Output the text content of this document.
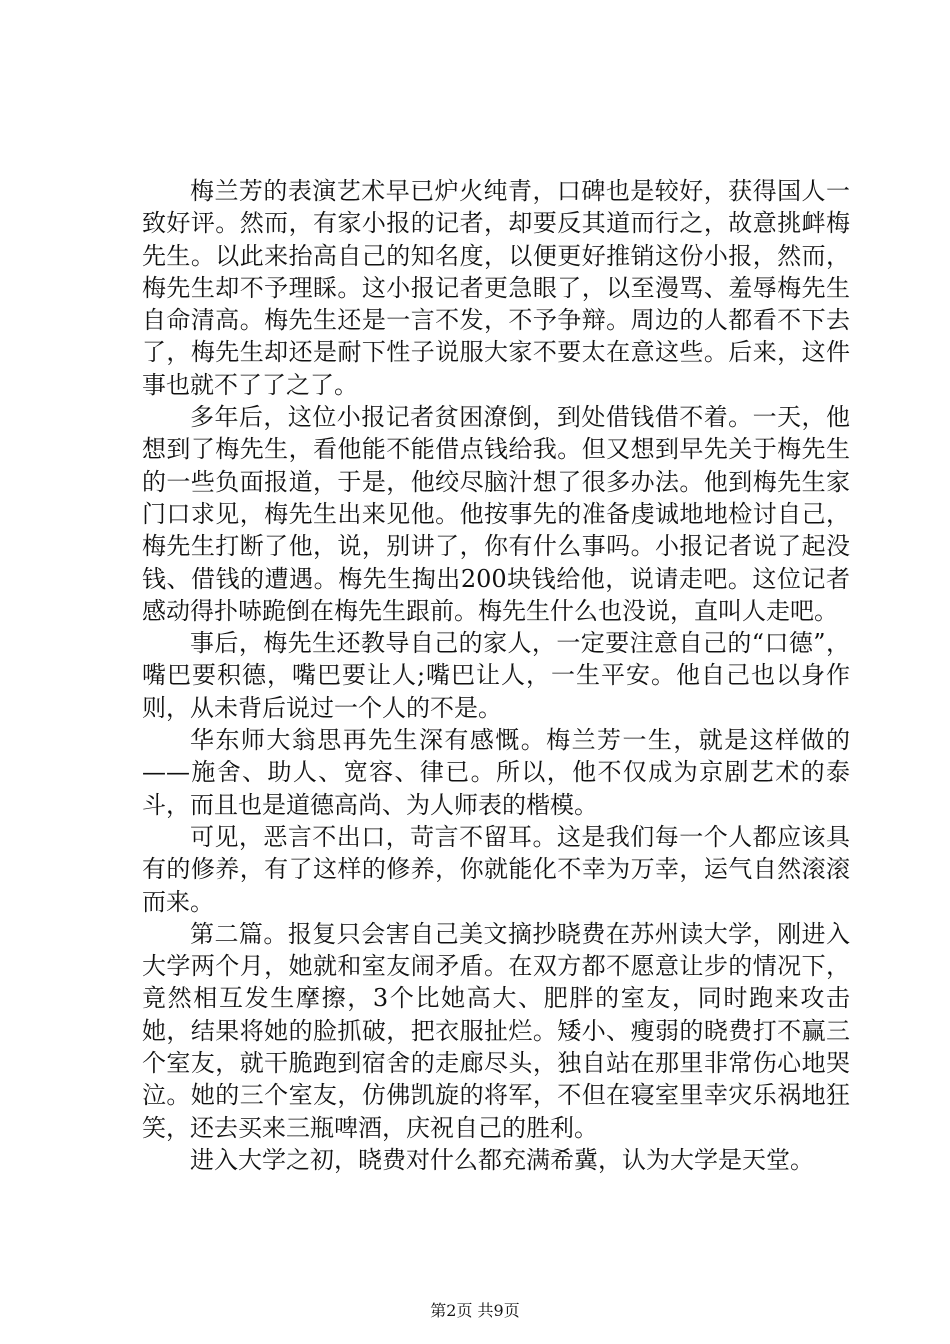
梅兰芳的表演艺术早已炉火纯青，口碑也是较好，获得国人一致好评。然而，有家小报的记者，却要反其道而行之，故意挑衅梅先生。以此来抬高自己的知名度，以便更好推销这份小报，然而，梅先生却不予理睬。这小报记者更急眼了，以至漫骂、羞辱梅先生自命清高。梅先生还是一言不发，不予争辩。周边的人都看不下去了，梅先生却还是耐下性子说服大家不要太在意这些。后来，这件事也就不了了之了。

多年后，这位小报记者贫困潦倒，到处借钱借不着。一天，他想到了梅先生，看他能不能借点钱给我。但又想到早先关于梅先生的一些负面报道，于是，他绞尽脑汁想了很多办法。他到梅先生家门口求见，梅先生出来见他。他按事先的准备虔诚地地检讨自己，梅先生打断了他，说，别讲了，你有什么事吗。小报记者说了起没钱、借钱的遭遇。梅先生掏出200块钱给他，说请走吧。这位记者感动得扑哧跪倒在梅先生跟前。梅先生什么也没说，直叫人走吧。

事后，梅先生还教导自己的家人，一定要注意自己的“口德”，嘴巴要积德，嘴巴要让人;嘴巴让人，一生平安。他自己也以身作则，从未背后说过一个人的不是。

华东师大翁思再先生深有感慨。梅兰芳一生，就是这样做的——施舍、助人、宽容、律已。所以，他不仅成为京剧艺术的泰斗，而且也是道德高尚、为人师表的楷模。

可见，恶言不出口，苛言不留耳。这是我们每一个人都应该具有的修养，有了这样的修养，你就能化不幸为万幸，运气自然滚滚而来。

第二篇。报复只会害自己美文摘抄晓费在苏州读大学，刚进入大学两个月，她就和室友闹矛盾。在双方都不愿意让步的情况下，竟然相互发生摩擦，3个比她高大、肥胖的室友，同时跑来攻击她，结果将她的脸抓破，把衣服扯烂。矮小、瘦弱的晓费打不赢三个室友，就干脆跑到宿舍的走廊尽头，独自站在那里非常伤心地哭泣。她的三个室友，仿佛凯旋的将军，不但在寝室里幸灾乐祸地狂笑，还去买来三瓶啤酒，庆祝自己的胜利。

进入大学之初，晓费对什么都充满希冀，认为大学是天堂。

第2页 共9页
